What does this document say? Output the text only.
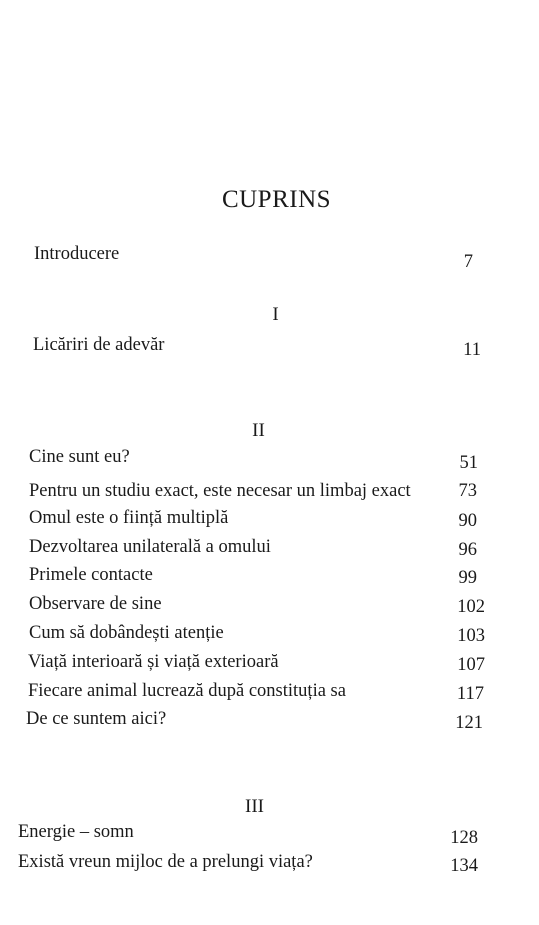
CUPRINS
Introducere	7
I
Licăriri de adevăr	11
II
Cine sunt eu?	51
Pentru un studiu exact, este necesar un limbaj exact	73
Omul este o ființă multiplă	90
Dezvoltarea unilaterală a omului	96
Primele contacte	99
Observare de sine	102
Cum să dobândești atenție	103
Viață interioară și viață exterioară	107
Fiecare animal lucrează după constituția sa	117
De ce suntem aici?	121
III
Energie – somn	128
Există vreun mijloc de a prelungi viața?	134
